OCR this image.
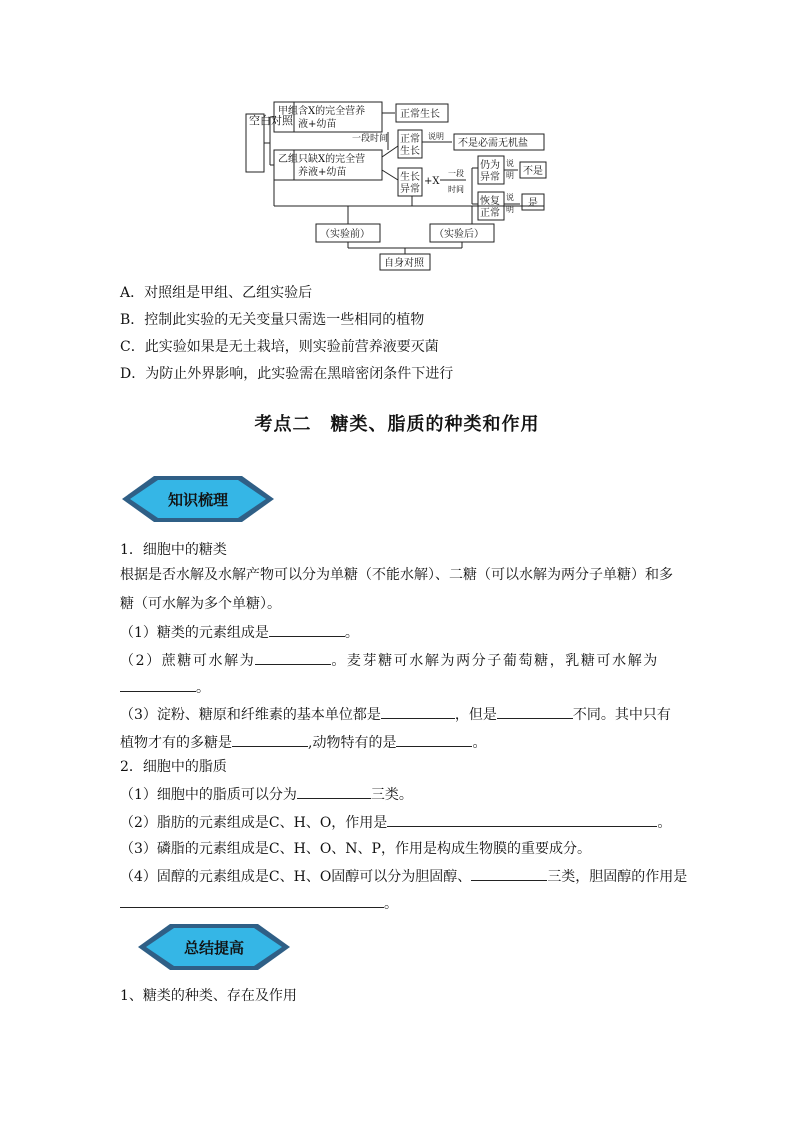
空白对照
甲组 含X的完全营养
液+幼苗
乙组 只缺X的完全营
养液+幼苗
正常生长
一段时间 正常
生长
说明
不是必需无机盐
生长
异常
+X
一段
时间
仍为
异常
恢复
正常
说
明
说
明
不是
是
（实验前）	（实验后）
自身对照
A．对照组是甲组、乙组实验后
B．控制此实验的无关变量只需选一些相同的植物
C．此实验如果是无土栽培，则实验前营养液要灭菌
D．为防止外界影响，此实验需在黑暗密闭条件下进行
考点二　糖类、脂质的种类和作用
知识梳理
1．细胞中的糖类
根据是否水解及水解产物可以分为单糖（不能水解）、二糖（可以水解为两分子单糖）和多
糖（可水解为多个单糖）。
（1）糖类的元素组成是	。
（2）蔗糖可水解为	。麦芽糖可水解为两分子葡萄糖，乳糖可水解为
。
（3）淀粉、糖原和纤维素的基本单位都是	，但是	不同。其中只有
植物才有的多糖是	,动物特有的是	。
2．细胞中的脂质
（1）细胞中的脂质可以分为	三类。
（2）脂肪的元素组成是C、H、O，作用是	。
（3）磷脂的元素组成是C、H、O、N、P，作用是构成生物膜的重要成分。
（4）固醇的元素组成是C、H、O固醇可以分为胆固醇、	三类，胆固醇的作用是
。
总结提高
1、糖类的种类、存在及作用
